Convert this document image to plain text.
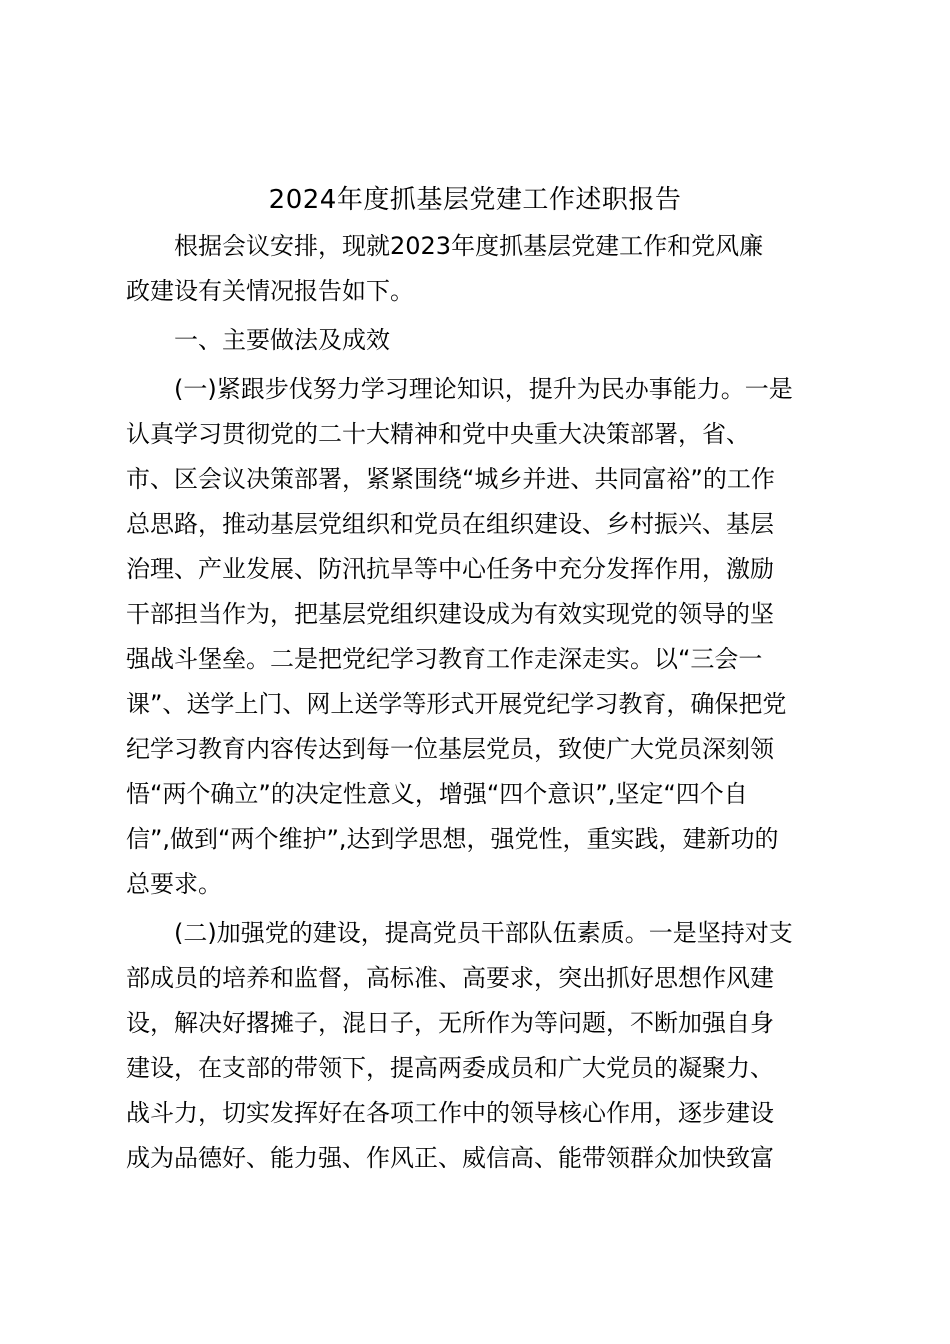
2024年度抓基层党建工作述职报告
　　根据会议安排，现就2023年度抓基层党建工作和党风廉
政建设有关情况报告如下。
　　一、主要做法及成效
　　(一)紧跟步伐努力学习理论知识，提升为民办事能力。一是
认真学习贯彻党的二十大精神和党中央重大决策部署，省、
市、区会议决策部署，紧紧围绕“城乡并进、共同富裕”的工作
总思路，推动基层党组织和党员在组织建设、乡村振兴、基层
治理、产业发展、防汛抗旱等中心任务中充分发挥作用，激励
干部担当作为，把基层党组织建设成为有效实现党的领导的坚
强战斗堡垒。二是把党纪学习教育工作走深走实。以“三会一
课”、送学上门、网上送学等形式开展党纪学习教育，确保把党
纪学习教育内容传达到每一位基层党员，致使广大党员深刻领
悟“两个确立”的决定性意义，增强“四个意识”,坚定“四个自
信”,做到“两个维护”,达到学思想，强党性，重实践，建新功的
总要求。
　　(二)加强党的建设，提高党员干部队伍素质。一是坚持对支
部成员的培养和监督，高标准、高要求，突出抓好思想作风建
设，解决好撂摊子，混日子，无所作为等问题，不断加强自身
建设，在支部的带领下，提高两委成员和广大党员的凝聚力、
战斗力，切实发挥好在各项工作中的领导核心作用，逐步建设
成为品德好、能力强、作风正、威信高、能带领群众加快致富
